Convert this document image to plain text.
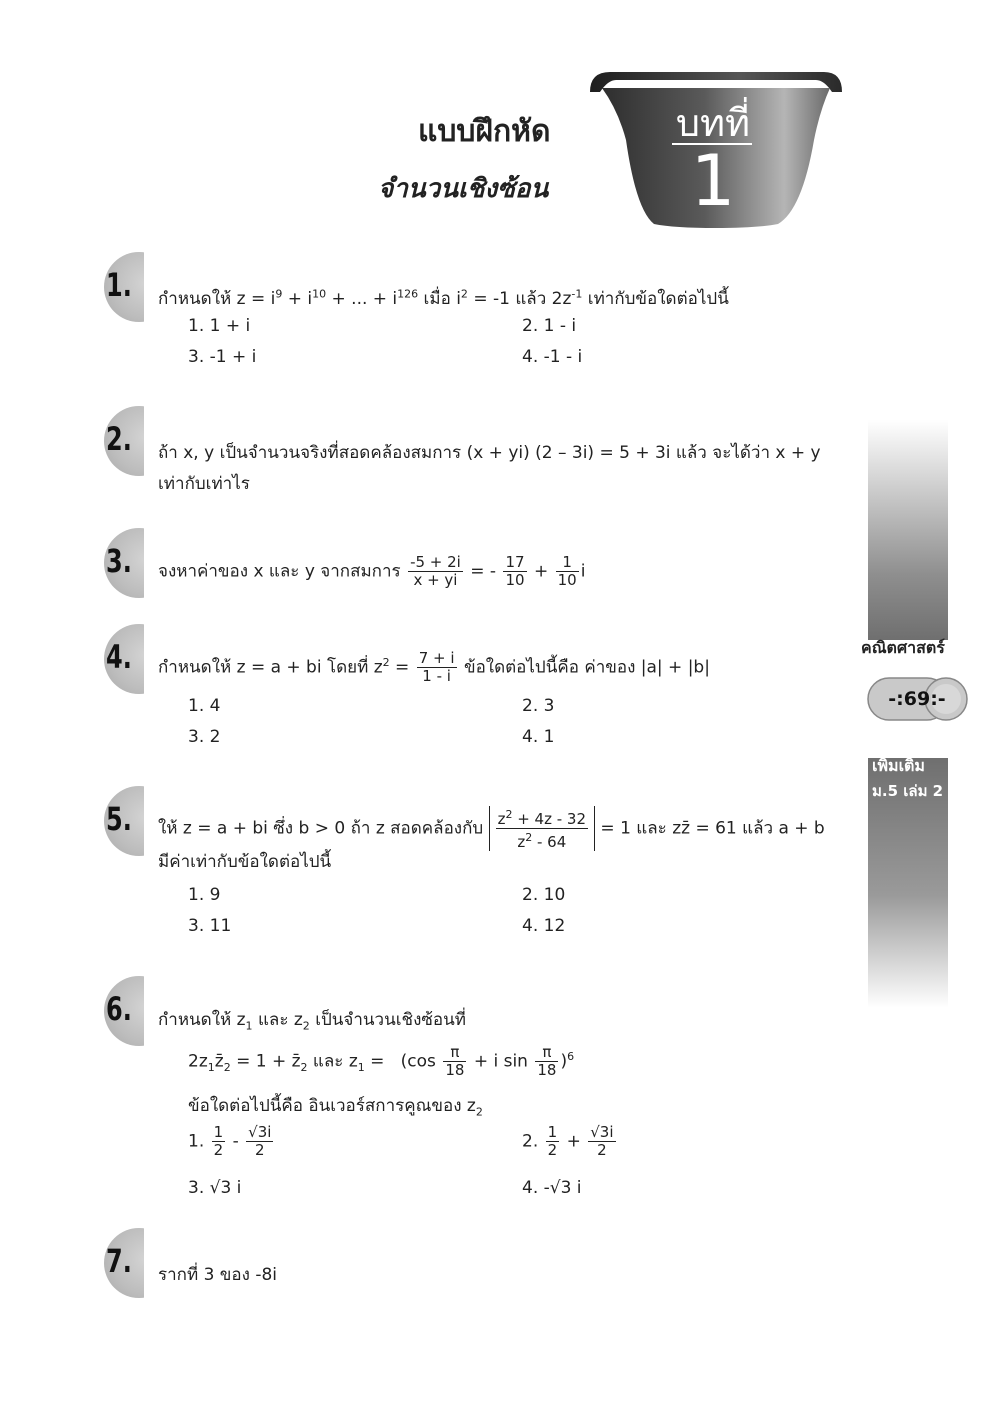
แบบฝึกหัด
จำนวนเชิงซ้อน
บทที่
1
คณิตศาสตร์
-:69:-
เพิ่มเติม
ม.5 เล่ม 2
1. กำหนดให้ $z = i^9 + i^{10}$ + ... + $i^{126}$ เมื่อ $i^2 = -1$ แล้ว $2z^{-1}$ เท่ากับข้อใดต่อไปนี้
1. 1 + i	2. 1 - i
3. -1 + i	4. -1 - i
2. ถ้า x, y เป็นจำนวนจริงที่สอดคล้องสมการ (x + yi) (2 – 3i) = 5 + 3i แล้ว จะได้ว่า x + y
เท่ากับเท่าไร
3. จงหาค่าของ x และ y จากสมการ $\frac{-5 + 2i}{x + yi}$ = - $\frac{17}{10} + \frac{1}{10}$ i
4. กำหนดให้ z = a + bi โดยที่ $z^2 = \frac{7 + i}{1 - i}$ ข้อใดต่อไปนี้คือ ค่าของ |a| + |b|
1. 4	2. 3
3. 2	4. 1
5. ให้ z = a + bi ซึ่ง b > 0 ถ้า z สอดคล้องกับ $\frac{z^2 + 4z - 32}{z^2 - 64} = 1$ และ zz̄ = 61 แล้ว a + b
มีค่าเท่ากับข้อใดต่อไปนี้
1. 9	2. 10
3. 11	4. 12
6. กำหนดให้ $z_1$ และ $z_2$ เป็นจำนวนเชิงซ้อนที่
$2z_1z̄_2 = 1$ + $z̄_2$ และ $z_1 = (\cos \frac{\pi}{18} + i$ $\sin \frac{\pi}{18} )^6$
ข้อใดต่อไปนี้คือ อินเวอร์สการคูณของ $z_2$
1. $\frac{1}{2} - \frac{√3i}{2}$	2. $\frac{1}{2} + \frac{√3i}{2}$
3. √3 i	4. -√3 i
7. รากที่ 3 ของ -8i
